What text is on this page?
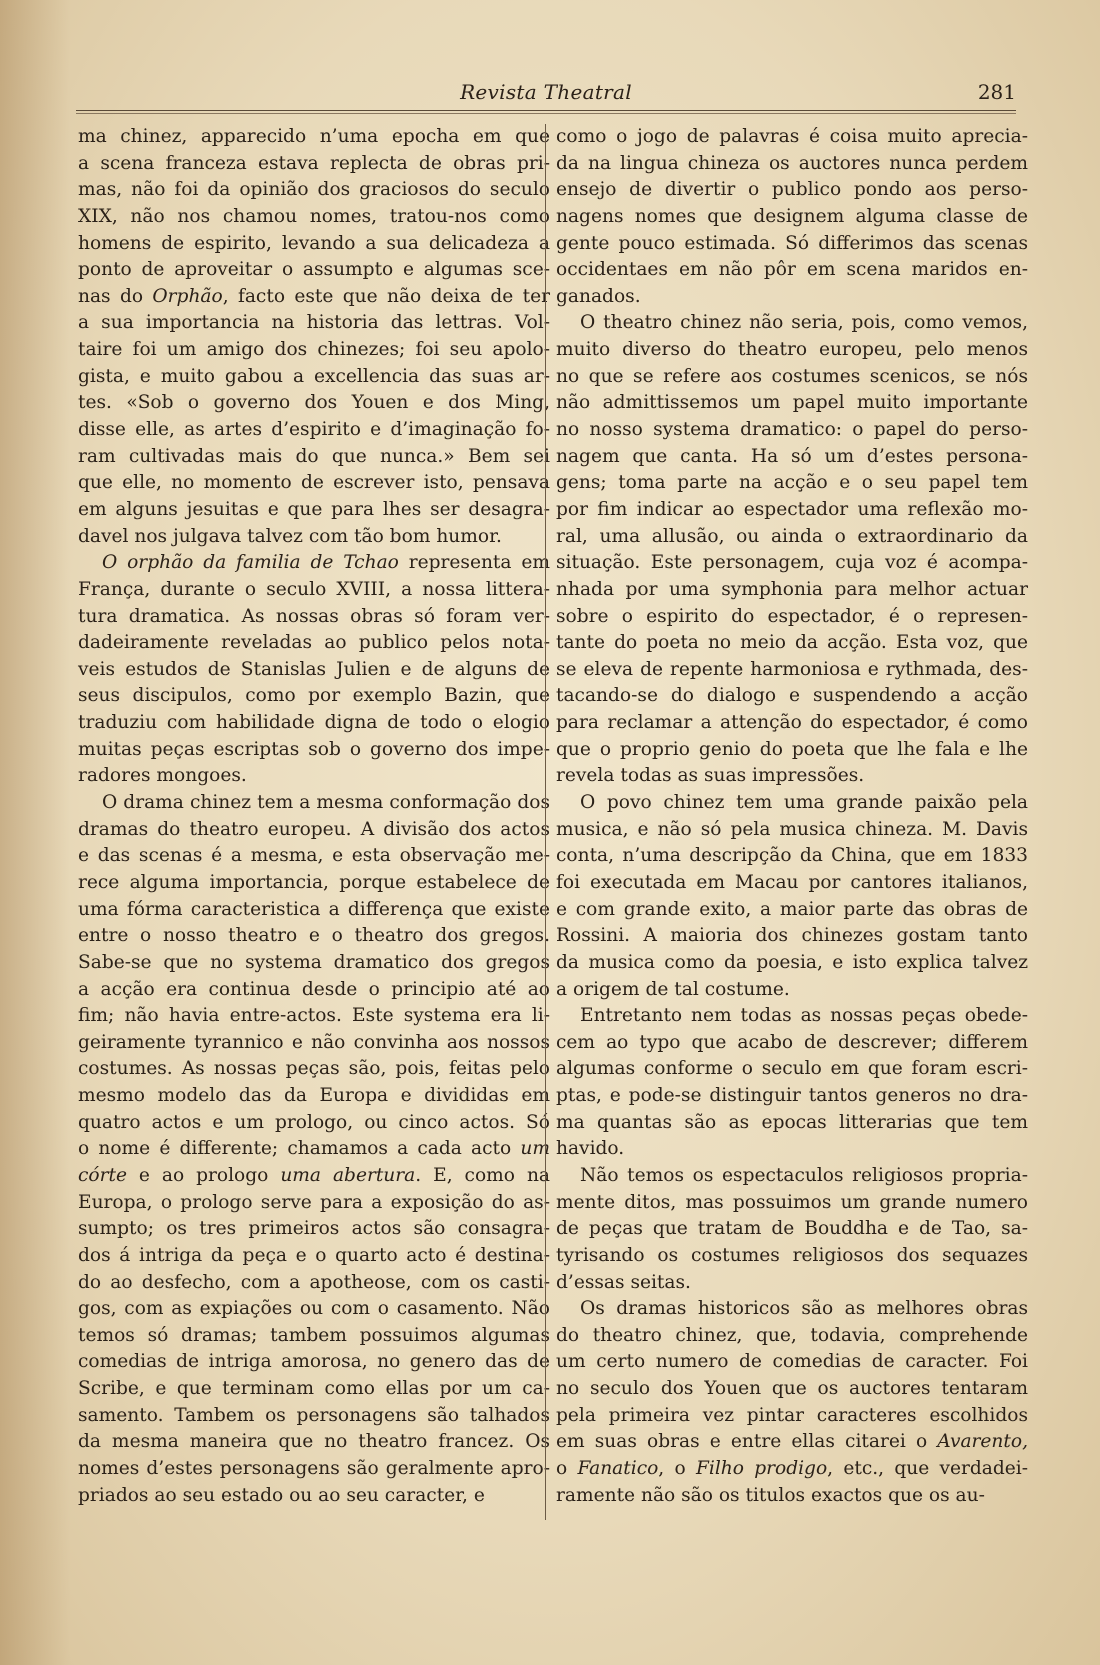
Revista Theatral	281
ma chinez, apparecido n’uma epocha em que
a scena franceza estava replecta de obras pri-
mas, não foi da opinião dos graciosos do seculo
XIX, não nos chamou nomes, tratou-nos como
homens de espirito, levando a sua delicadeza a
ponto de aproveitar o assumpto e algumas sce-
nas do Orphão, facto este que não deixa de ter
a sua importancia na historia das lettras. Vol-
taire foi um amigo dos chinezes; foi seu apolo-
gista, e muito gabou a excellencia das suas ar-
tes. «Sob o governo dos Youen e dos Ming,
disse elle, as artes d’espirito e d’imaginação fo-
ram cultivadas mais do que nunca.» Bem sei
que elle, no momento de escrever isto, pensava
em alguns jesuitas e que para lhes ser desagra-
davel nos julgava talvez com tão bom humor.
O orphão da familia de Tchao representa em
França, durante o seculo XVIII, a nossa littera-
tura dramatica. As nossas obras só foram ver-
dadeiramente reveladas ao publico pelos nota-
veis estudos de Stanislas Julien e de alguns de
seus discipulos, como por exemplo Bazin, que
traduziu com habilidade digna de todo o elogio
muitas peças escriptas sob o governo dos impe-
radores mongoes.
O drama chinez tem a mesma conformação dos
dramas do theatro europeu. A divisão dos actos
e das scenas é a mesma, e esta observação me-
rece alguma importancia, porque estabelece de
uma fórma caracteristica a differença que existe
entre o nosso theatro e o theatro dos gregos.
Sabe-se que no systema dramatico dos gregos
a acção era continua desde o principio até ao
fim; não havia entre-actos. Este systema era li-
geiramente tyrannico e não convinha aos nossos
costumes. As nossas peças são, pois, feitas pelo
mesmo modelo das da Europa e divididas em
quatro actos e um prologo, ou cinco actos. Só
o nome é differente; chamamos a cada acto um
córte e ao prologo uma abertura. E, como na
Europa, o prologo serve para a exposição do as-
sumpto; os tres primeiros actos são consagra-
dos á intriga da peça e o quarto acto é destina-
do ao desfecho, com a apotheose, com os casti-
gos, com as expiações ou com o casamento. Não
temos só dramas; tambem possuimos algumas
comedias de intriga amorosa, no genero das de
Scribe, e que terminam como ellas por um ca-
samento. Tambem os personagens são talhados
da mesma maneira que no theatro francez. Os
nomes d’estes personagens são geralmente apro-
priados ao seu estado ou ao seu caracter, e
como o jogo de palavras é coisa muito aprecia-
da na lingua chineza os auctores nunca perdem
ensejo de divertir o publico pondo aos perso-
nagens nomes que designem alguma classe de
gente pouco estimada. Só differimos das scenas
occidentaes em não pôr em scena maridos en-
ganados.
O theatro chinez não seria, pois, como vemos,
muito diverso do theatro europeu, pelo menos
no que se refere aos costumes scenicos, se nós
não admittissemos um papel muito importante
no nosso systema dramatico: o papel do perso-
nagem que canta. Ha só um d’estes persona-
gens; toma parte na acção e o seu papel tem
por fim indicar ao espectador uma reflexão mo-
ral, uma allusão, ou ainda o extraordinario da
situação. Este personagem, cuja voz é acompa-
nhada por uma symphonia para melhor actuar
sobre o espirito do espectador, é o represen-
tante do poeta no meio da acção. Esta voz, que
se eleva de repente harmoniosa e rythmada, des-
tacando-se do dialogo e suspendendo a acção
para reclamar a attenção do espectador, é como
que o proprio genio do poeta que lhe fala e lhe
revela todas as suas impressões.
O povo chinez tem uma grande paixão pela
musica, e não só pela musica chineza. M. Davis
conta, n’uma descripção da China, que em 1833
foi executada em Macau por cantores italianos,
e com grande exito, a maior parte das obras de
Rossini. A maioria dos chinezes gostam tanto
da musica como da poesia, e isto explica talvez
a origem de tal costume.
Entretanto nem todas as nossas peças obede-
cem ao typo que acabo de descrever; differem
algumas conforme o seculo em que foram escri-
ptas, e pode-se distinguir tantos generos no dra-
ma quantas são as epocas litterarias que tem
havido.
Não temos os espectaculos religiosos propria-
mente ditos, mas possuimos um grande numero
de peças que tratam de Bouddha e de Tao, sa-
tyrisando os costumes religiosos dos sequazes
d’essas seitas.
Os dramas historicos são as melhores obras
do theatro chinez, que, todavia, comprehende
um certo numero de comedias de caracter. Foi
no seculo dos Youen que os auctores tentaram
pela primeira vez pintar caracteres escolhidos
em suas obras e entre ellas citarei o Avarento,
o Fanatico, o Filho prodigo, etc., que verdadei-
ramente não são os titulos exactos que os au-
